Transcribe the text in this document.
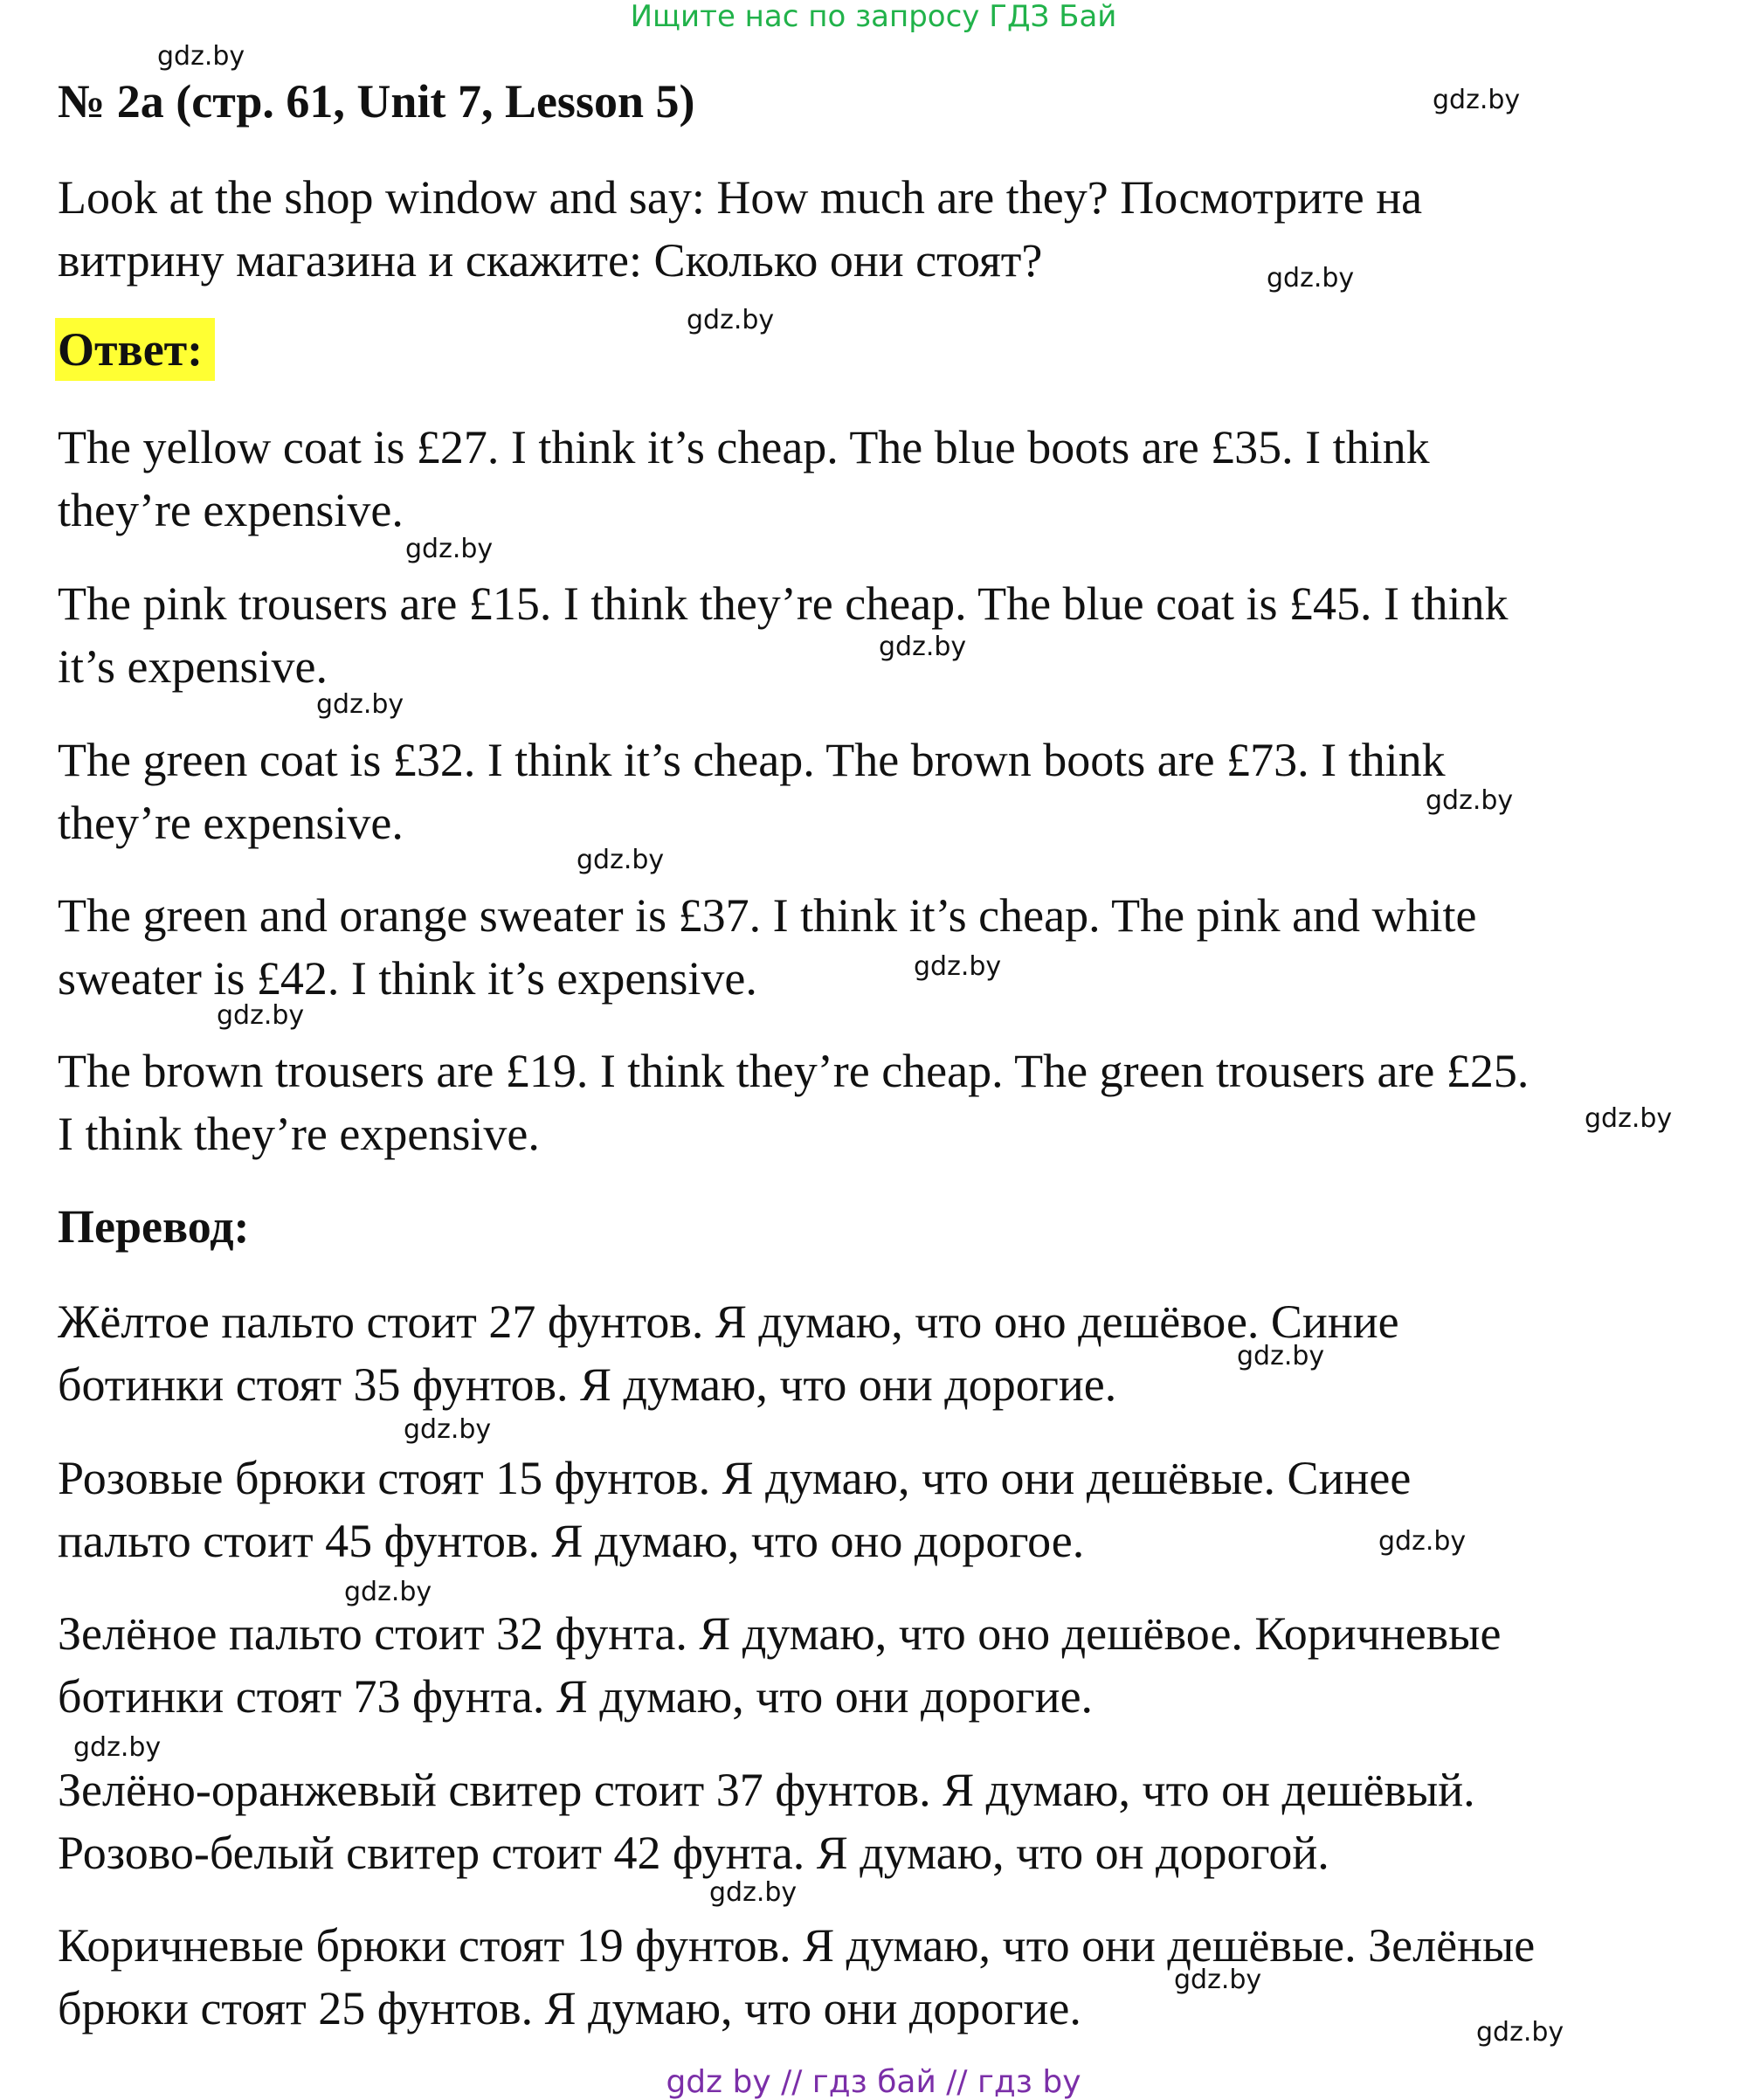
Ищите нас по запросу ГДЗ Бай
№ 2а (стр. 61, Unit 7, Lesson 5)
Look at the shop window and say: How much are they? Посмотрите на
витрину магазина и скажите: Сколько они стоят?
Ответ:
The yellow coat is £27. I think it’s cheap. The blue boots are £35. I think
they’re expensive.
The pink trousers are £15. I think they’re cheap. The blue coat is £45. I think
it’s expensive.
The green coat is £32. I think it’s cheap. The brown boots are £73. I think
they’re expensive.
The green and orange sweater is £37. I think it’s cheap. The pink and white
sweater is £42. I think it’s expensive.
The brown trousers are £19. I think they’re cheap. The green trousers are £25.
I think they’re expensive.
Перевод:
Жёлтое пальто стоит 27 фунтов. Я думаю, что оно дешёвое. Синие
ботинки стоят 35 фунтов. Я думаю, что они дорогие.
Розовые брюки стоят 15 фунтов. Я думаю, что они дешёвые. Синее
пальто стоит 45 фунтов. Я думаю, что оно дорогое.
Зелёное пальто стоит 32 фунта. Я думаю, что оно дешёвое. Коричневые
ботинки стоят 73 фунта. Я думаю, что они дорогие.
Зелёно-оранжевый свитер стоит 37 фунтов. Я думаю, что он дешёвый.
Розово-белый свитер стоит 42 фунта. Я думаю, что он дорогой.
Коричневые брюки стоят 19 фунтов. Я думаю, что они дешёвые. Зелёные
брюки стоят 25 фунтов. Я думаю, что они дорогие.
gdz.by
gdz.by
gdz.by
gdz.by
gdz.by
gdz.by
gdz.by
gdz.by
gdz.by
gdz.by
gdz.by
gdz.by
gdz.by
gdz.by
gdz.by
gdz.by
gdz.by
gdz.by
gdz.by
gdz.by
gdz by // гдз бай // гдз by
